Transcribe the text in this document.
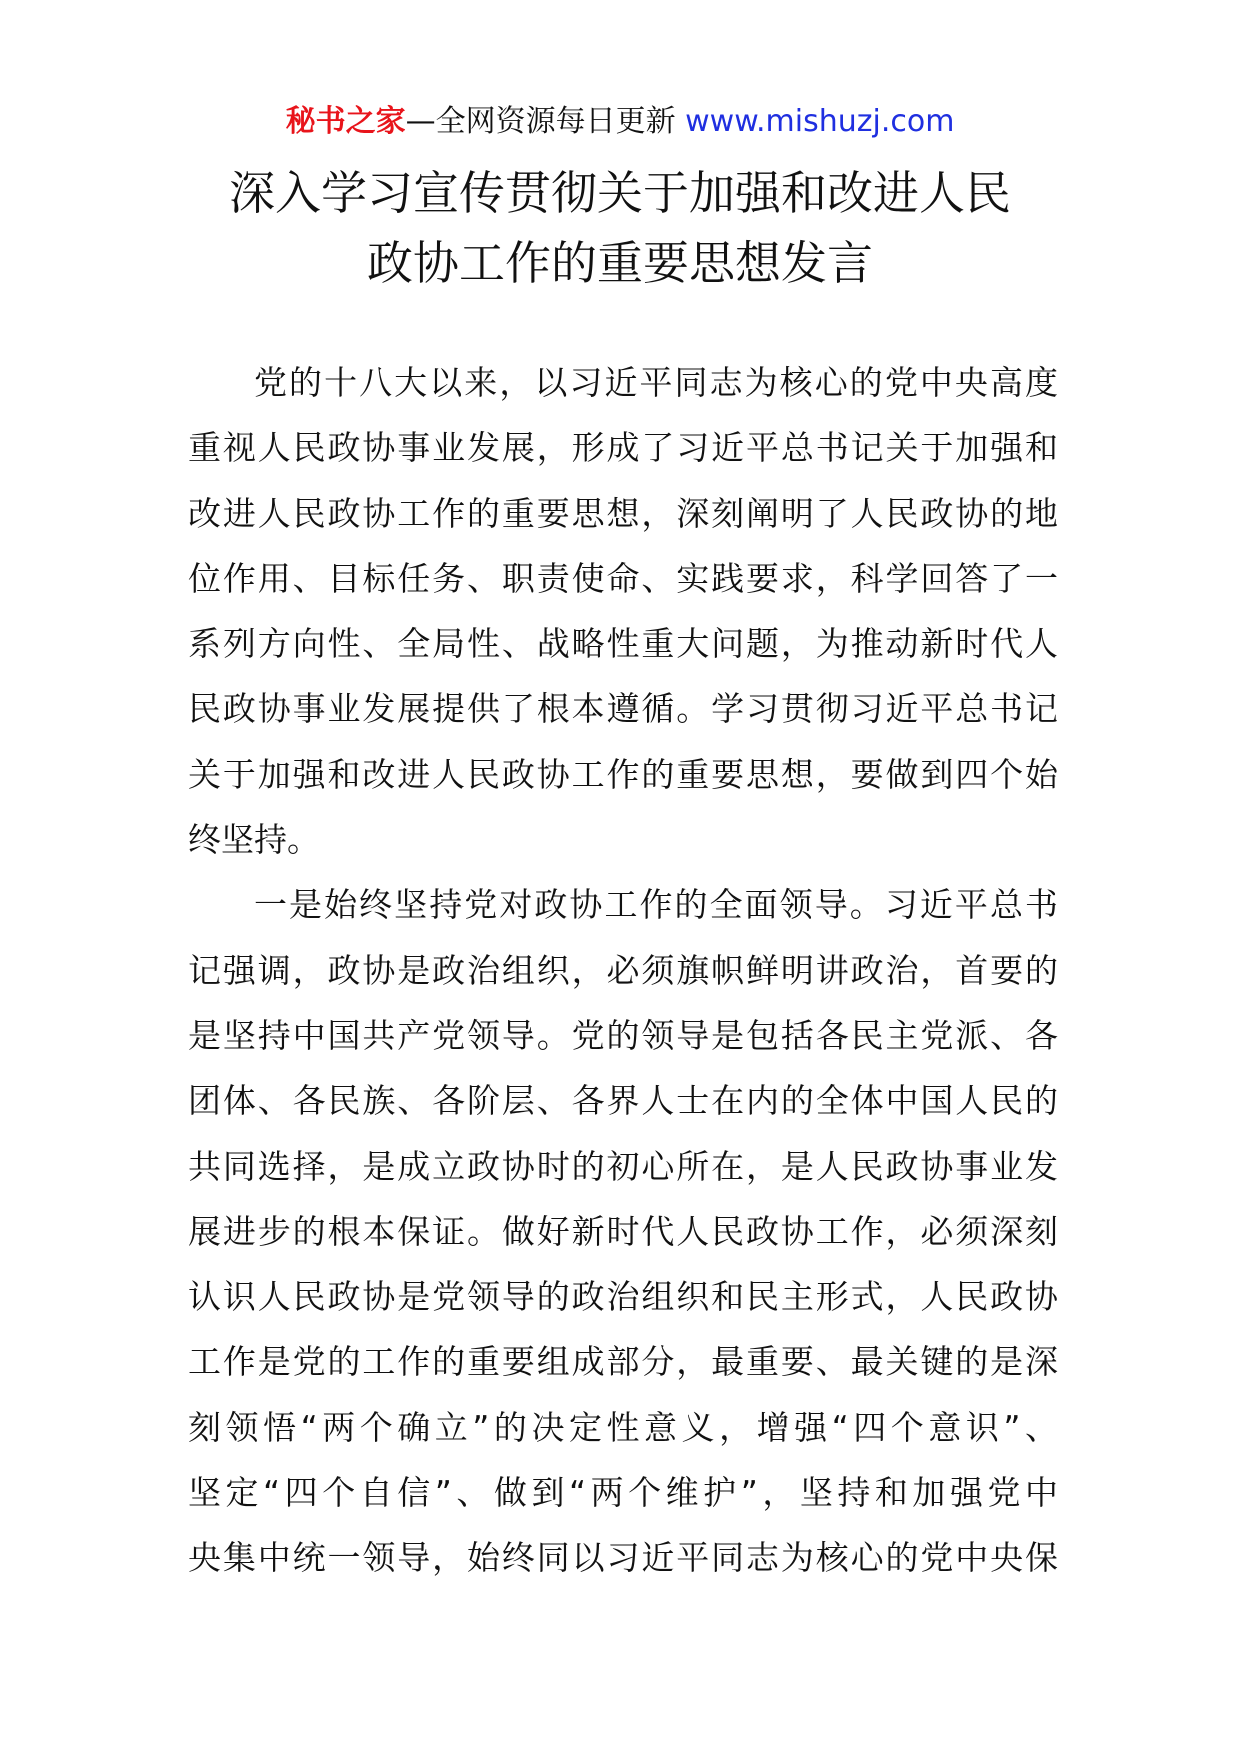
秘书之家—全网资源每日更新 www.mishuzj.com
深入学习宣传贯彻关于加强和改进人民
政协工作的重要思想发言
党的十八大以来，以习近平同志为核心的党中央高度
重视人民政协事业发展，形成了习近平总书记关于加强和
改进人民政协工作的重要思想，深刻阐明了人民政协的地
位作用、目标任务、职责使命、实践要求，科学回答了一
系列方向性、全局性、战略性重大问题，为推动新时代人
民政协事业发展提供了根本遵循。学习贯彻习近平总书记
关于加强和改进人民政协工作的重要思想，要做到四个始
终坚持。
一是始终坚持党对政协工作的全面领导。习近平总书
记强调，政协是政治组织，必须旗帜鲜明讲政治，首要的
是坚持中国共产党领导。党的领导是包括各民主党派、各
团体、各民族、各阶层、各界人士在内的全体中国人民的
共同选择，是成立政协时的初心所在，是人民政协事业发
展进步的根本保证。做好新时代人民政协工作，必须深刻
认识人民政协是党领导的政治组织和民主形式，人民政协
工作是党的工作的重要组成部分，最重要、最关键的是深
刻领悟“两个确立”的决定性意义，增强“四个意识”、
坚定“四个自信”、做到“两个维护”，坚持和加强党中
央集中统一领导，始终同以习近平同志为核心的党中央保
